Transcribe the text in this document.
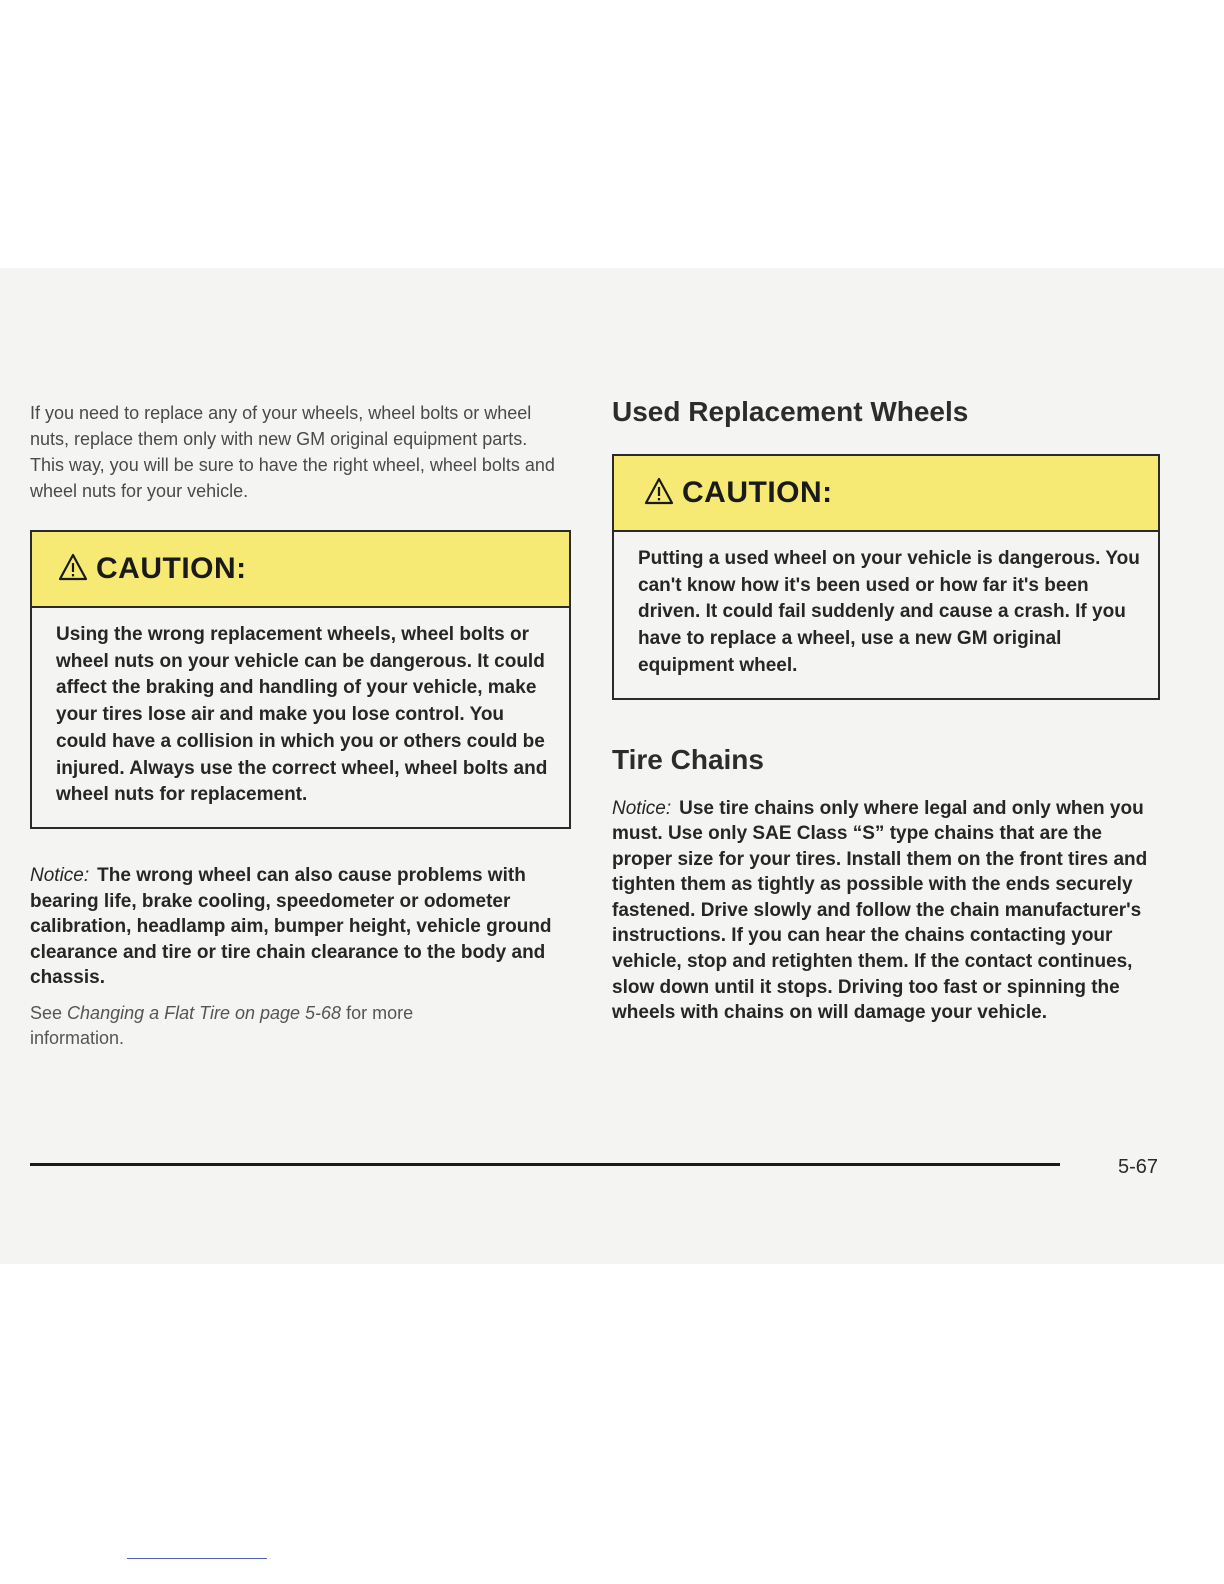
If you need to replace any of your wheels, wheel bolts or wheel nuts, replace them only with new GM original equipment parts. This way, you will be sure to have the right wheel, wheel bolts and wheel nuts for your vehicle.

CAUTION:

Using the wrong replacement wheels, wheel bolts or wheel nuts on your vehicle can be dangerous. It could affect the braking and handling of your vehicle, make your tires lose air and make you lose control. You could have a collision in which you or others could be injured. Always use the correct wheel, wheel bolts and wheel nuts for replacement.

Notice: The wrong wheel can also cause problems with bearing life, brake cooling, speedometer or odometer calibration, headlamp aim, bumper height, vehicle ground clearance and tire or tire chain clearance to the body and chassis.

See Changing a Flat Tire on page 5-68 for more information.

Used Replacement Wheels
CAUTION:

Putting a used wheel on your vehicle is dangerous. You can't know how it's been used or how far it's been driven. It could fail suddenly and cause a crash. If you have to replace a wheel, use a new GM original equipment wheel.

Tire Chains

Notice: Use tire chains only where legal and only when you must. Use only SAE Class “S” type chains that are the proper size for your tires. Install them on the front tires and tighten them as tightly as possible with the ends securely fastened. Drive slowly and follow the chain manufacturer's instructions. If you can hear the chains contacting your vehicle, stop and retighten them. If the contact continues, slow down until it stops. Driving too fast or spinning the wheels with chains on will damage your vehicle.

5-67
